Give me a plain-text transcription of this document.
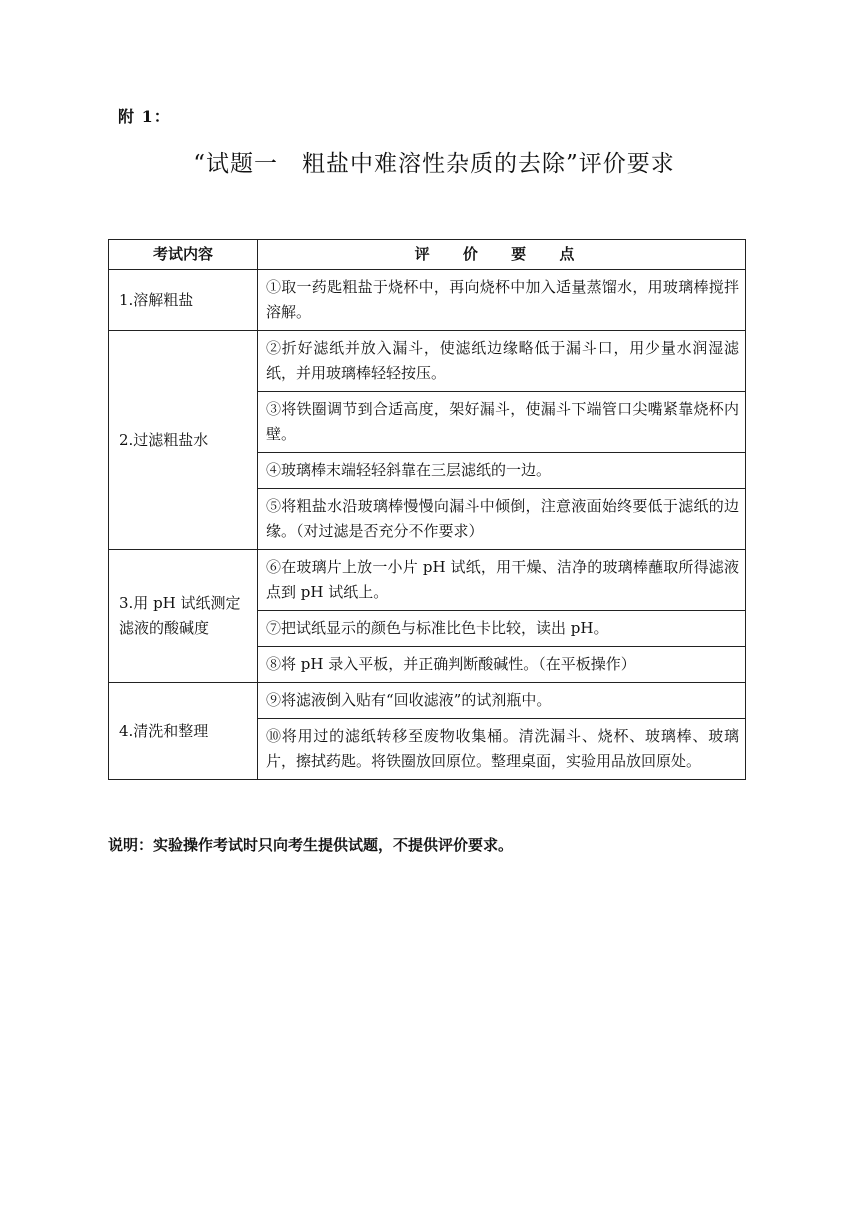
附 1：
“试题一　粗盐中难溶性杂质的去除”评价要求
考试内容	评 价 要 点
1.溶解粗盐	①取一药匙粗盐于烧杯中，再向烧杯中加入适量蒸馏水，用玻璃棒搅拌溶解。
2.过滤粗盐水	②折好滤纸并放入漏斗，使滤纸边缘略低于漏斗口，用少量水润湿滤纸，并用玻璃棒轻轻按压。
	③将铁圈调节到合适高度，架好漏斗，使漏斗下端管口尖嘴紧靠烧杯内壁。
	④玻璃棒末端轻轻斜靠在三层滤纸的一边。
	⑤将粗盐水沿玻璃棒慢慢向漏斗中倾倒，注意液面始终要低于滤纸的边缘。（对过滤是否充分不作要求）
3.用 pH 试纸测定滤液的酸碱度	⑥在玻璃片上放一小片 pH 试纸，用干燥、洁净的玻璃棒蘸取所得滤液点到 pH 试纸上。
	⑦把试纸显示的颜色与标准比色卡比较，读出 pH。
	⑧将 pH 录入平板，并正确判断酸碱性。（在平板操作）
4.清洗和整理	⑨将滤液倒入贴有“回收滤液”的试剂瓶中。
	⑩将用过的滤纸转移至废物收集桶。清洗漏斗、烧杯、玻璃棒、玻璃片，擦拭药匙。将铁圈放回原位。整理桌面，实验用品放回原处。
说明：实验操作考试时只向考生提供试题，不提供评价要求。
